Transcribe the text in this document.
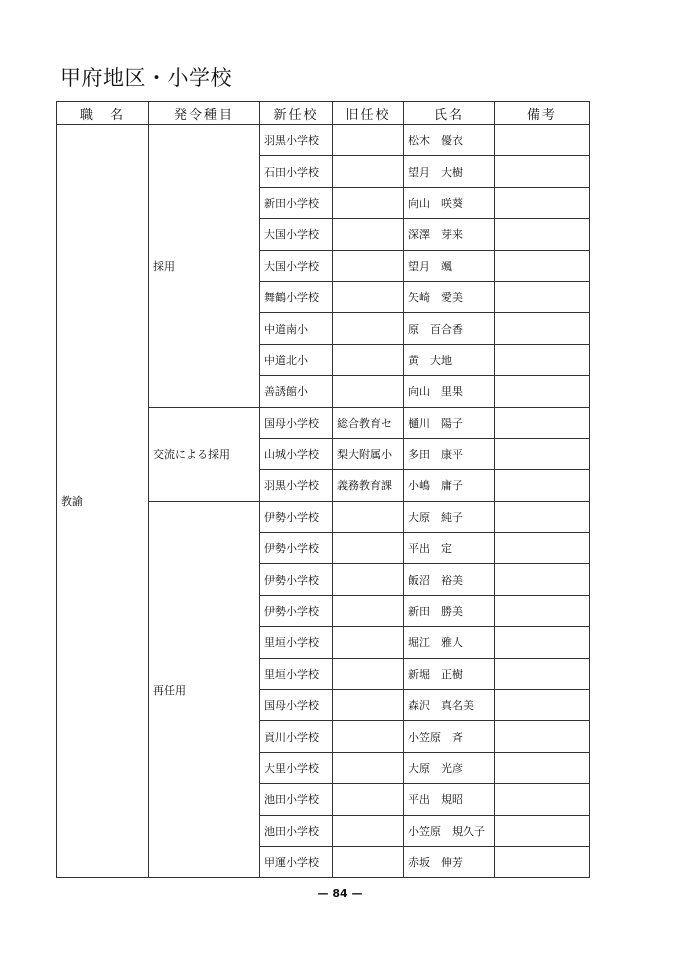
甲府地区・小学校
職　名	発令種目	新任校	旧任校	氏名	備考
教諭	採用	羽黒小学校		松木　優衣	
		石田小学校		望月　大樹	
		新田小学校		向山　咲葵	
		大国小学校		深澤　芽来	
		大国小学校		望月　颯	
		舞鶴小学校		矢崎　愛美	
		中道南小		原　百合香	
		中道北小		黄　大地	
		善誘館小		向山　里果	
	交流による採用	国母小学校	総合教育セ	樋川　陽子	
		山城小学校	梨大附属小	多田　康平	
		羽黒小学校	義務教育課	小嶋　庸子	
	再任用	伊勢小学校		大原　純子	
		伊勢小学校		平出　定	
		伊勢小学校		飯沼　裕美	
		伊勢小学校		新田　勝美	
		里垣小学校		堀江　雅人	
		里垣小学校		新堀　正樹	
		国母小学校		森沢　真名美	
		貢川小学校		小笠原　斉	
		大里小学校		大原　光彦	
		池田小学校		平出　規昭	
		池田小学校		小笠原　規久子	
		甲運小学校		赤坂　伸芳	
— 84 —
